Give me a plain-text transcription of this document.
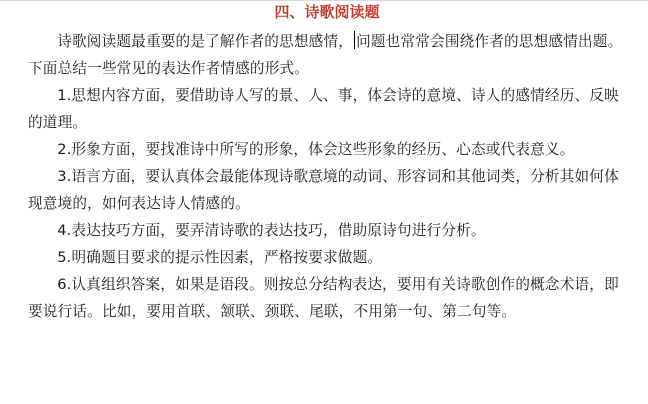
四、诗歌阅读题

诗歌阅读题最重要的是了解作者的思想感情， 问题也常常会围绕作者的思想感情出题。下面总结一些常见的表达作者情感的形式。

1.思想内容方面，要借助诗人写的景、人、事，体会诗的意境、诗人的感情经历、反映的道理。

2.形象方面，要找准诗中所写的形象，体会这些形象的经历、心态或代表意义。

3.语言方面，要认真体会最能体现诗歌意境的动词、形容词和其他词类，分析其如何体现意境的，如何表达诗人情感的。

4.表达技巧方面，要弄清诗歌的表达技巧，借助原诗句进行分析。

5.明确题目要求的提示性因素，严格按要求做题。

6.认真组织答案，如果是语段。则按总分结构表达，要用有关诗歌创作的概念术语，即要说行话。比如，要用首联、颔联、颈联、尾联，不用第一句、第二句等。
